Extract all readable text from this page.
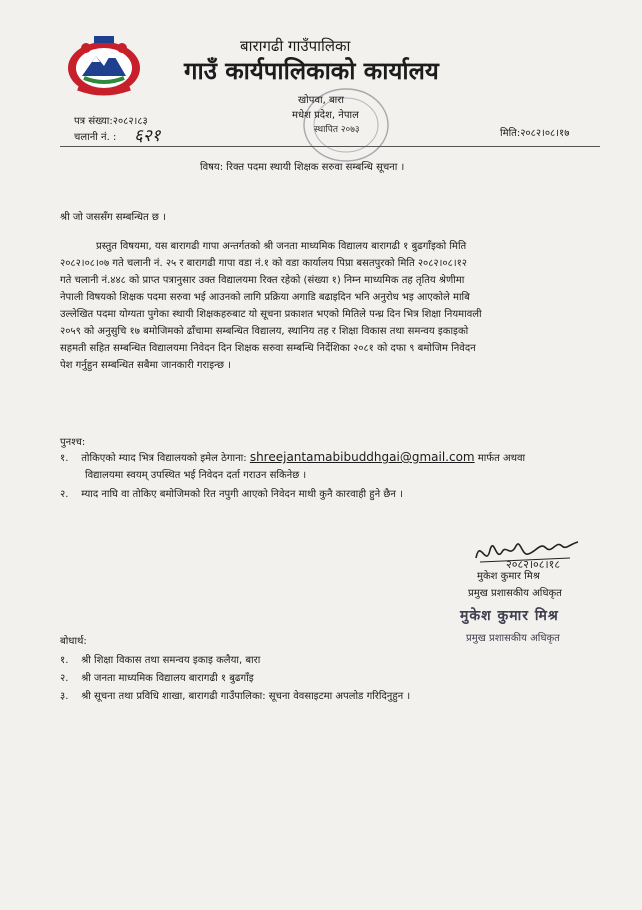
बारागढी गाउँपालिका
गाउँ कार्यपालिकाको कार्यालय
खोपवा, बारा
मधेश प्रदेश, नेपाल
स्थापित २०७३
पत्र संख्या:२०८२।८३
चलानी नं. : ६२१	मिति:२०८२।०८।१७
विषय: रिक्त पदमा स्थायी शिक्षक सरुवा सम्बन्धि सूचना ।
श्री जो जससँग सम्बन्धित छ ।
प्रस्तुत विषयमा, यस बारागढी गापा अन्तर्गतको श्री जनता माध्यमिक विद्यालय बारागढी १ बुढगाँइको मिति
२०८२।०८।०७ गते चलानी नं. २५ र बारागढी गापा वडा नं.१ को वडा कार्यालय पिप्रा बसतपुरको मिति २०८२।०८।१२
गते चलानी नं.४४८ को प्राप्त पत्रानुसार उक्त विद्यालयमा रिक्त रहेको (संख्या १) निम्न माध्यमिक तह तृतिय श्रेणीमा
नेपाली विषयको शिक्षक पदमा सरुवा भई आउनको लागि प्रक्रिया अगाडि बढाइदिन भनि अनुरोध भइ आएकोले माबि
उल्लेखित पदमा योग्यता पुगेका स्थायी शिक्षकहरुबाट यो सूचना प्रकाशत भएको मितिले पन्ध्र दिन भित्र शिक्षा नियमावली
२०५९ को अनुसुचि १७ बमोजिमको ढाँचामा सम्बन्धित विद्यालय, स्थानिय तह र शिक्षा विकास तथा समन्वय इकाइको
सहमती सहित सम्बन्धित विद्यालयमा निवेदन दिन शिक्षक सरुवा सम्बन्धि निर्देशिका २०८१ को दफा ९ बमोजिम निवेदन
पेश गर्नुहुन सम्बन्धित सबैमा जानकारी गराइन्छ ।
पुनश्च:
१. तोकिएको म्याद भित्र विद्यालयको इमेल ठेगाना: shreejantamabibuddhgai@gmail.com मार्फत अथवा
विद्यालयमा स्वयम् उपस्थित भई निवेदन दर्ता गराउन सकिनेछ ।
२. म्याद नाघि वा तोकिए बमोजिमको रित नपुगी आएको निवेदन माथी कुनै कारवाही हुने छैन ।
२०८२।०८।१८
मुकेश कुमार मिश्र
प्रमुख प्रशासकीय अधिकृत
मुकेश कुमार मिश्र
प्रमुख प्रशासकीय अधिकृत
बोधार्थ:
१. श्री शिक्षा विकास तथा समन्वय इकाइ कलैया, बारा
२. श्री जनता माध्यमिक विद्यालय बारागढी १ बुढगाँइ
३. श्री सूचना तथा प्रविधि शाखा, बारागढी गाउँपालिका: सूचना वेवसाइटमा अपलोड गरिदिनुहुन ।
